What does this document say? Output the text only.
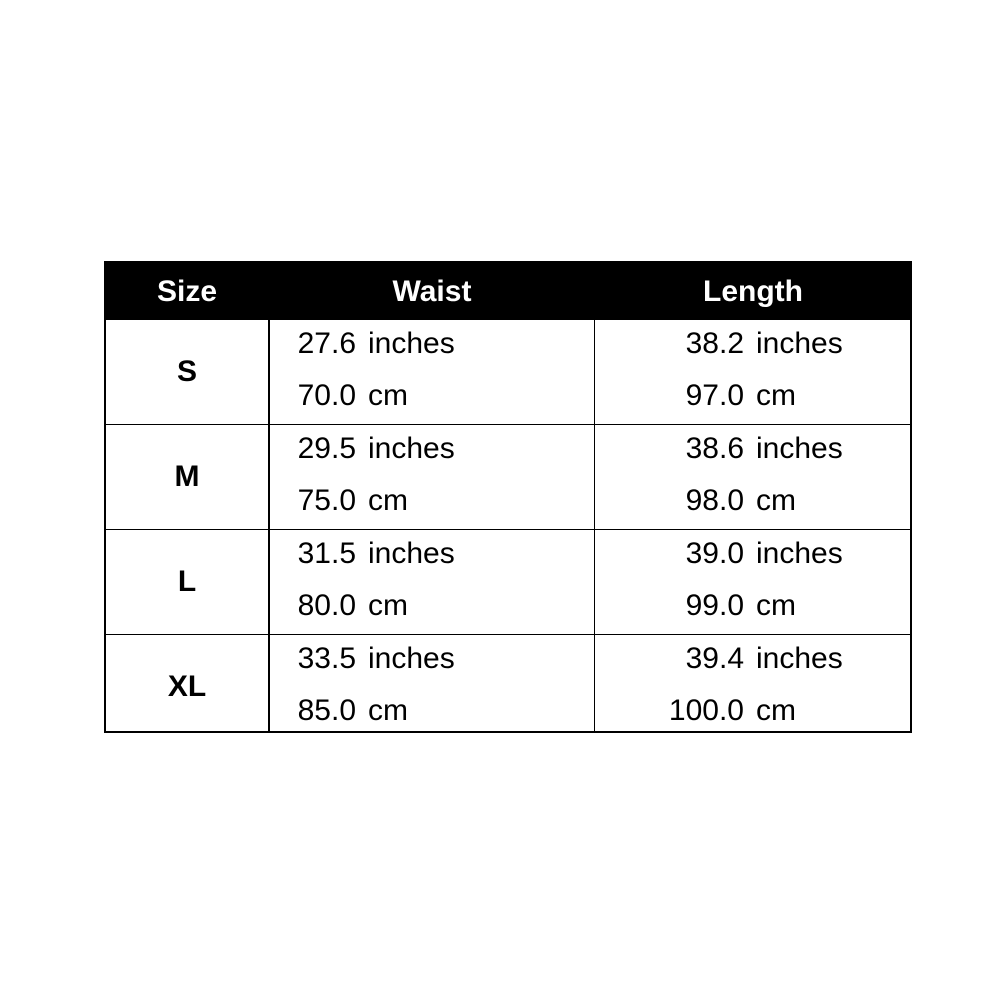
Size	Waist	Length
S
27.6 inches
70.0 cm
38.2 inches
97.0 cm
M
29.5 inches
75.0 cm
38.6 inches
98.0 cm
L
31.5 inches
80.0 cm
39.0 inches
99.0 cm
XL
33.5 inches
85.0 cm
39.4 inches
100.0 cm
